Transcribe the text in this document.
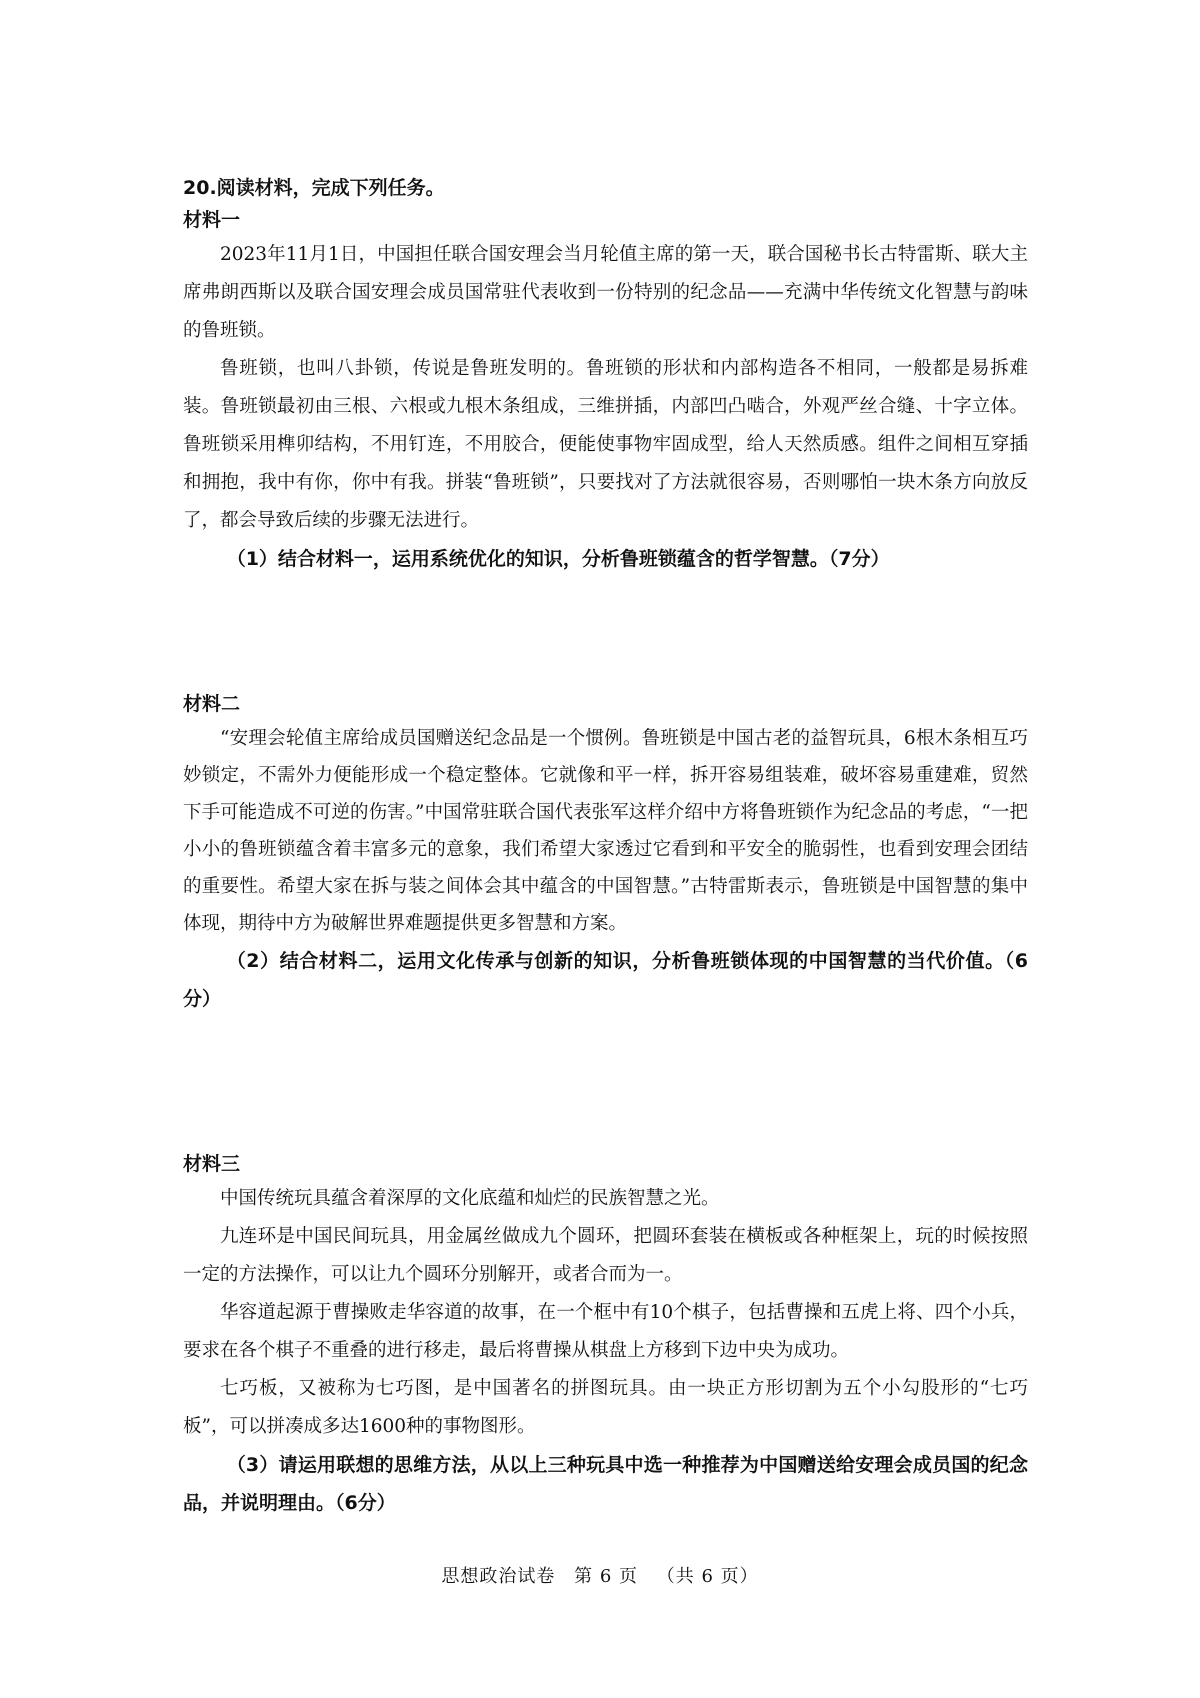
20.阅读材料，完成下列任务。

材料一

2023年11月1日，中国担任联合国安理会当月轮值主席的第一天，联合国秘书长古特雷斯、联大主席弗朗西斯以及联合国安理会成员国常驻代表收到一份特别的纪念品——充满中华传统文化智慧与韵味的鲁班锁。

鲁班锁，也叫八卦锁，传说是鲁班发明的。鲁班锁的形状和内部构造各不相同，一般都是易拆难装。鲁班锁最初由三根、六根或九根木条组成，三维拼插，内部凹凸啮合，外观严丝合缝、十字立体。鲁班锁采用榫卯结构，不用钉连，不用胶合，便能使事物牢固成型，给人天然质感。组件之间相互穿插和拥抱，我中有你，你中有我。拼装“鲁班锁”，只要找对了方法就很容易，否则哪怕一块木条方向放反了，都会导致后续的步骤无法进行。

（1）结合材料一，运用系统优化的知识，分析鲁班锁蕴含的哲学智慧。（7分）

材料二

“安理会轮值主席给成员国赠送纪念品是一个惯例。鲁班锁是中国古老的益智玩具，6根木条相互巧妙锁定，不需外力便能形成一个稳定整体。它就像和平一样，拆开容易组装难，破坏容易重建难，贸然下手可能造成不可逆的伤害。”中国常驻联合国代表张军这样介绍中方将鲁班锁作为纪念品的考虑，“一把小小的鲁班锁蕴含着丰富多元的意象，我们希望大家透过它看到和平安全的脆弱性，也看到安理会团结的重要性。希望大家在拆与装之间体会其中蕴含的中国智慧。”古特雷斯表示，鲁班锁是中国智慧的集中体现，期待中方为破解世界难题提供更多智慧和方案。

（2）结合材料二，运用文化传承与创新的知识，分析鲁班锁体现的中国智慧的当代价值。（6分）

材料三

中国传统玩具蕴含着深厚的文化底蕴和灿烂的民族智慧之光。

九连环是中国民间玩具，用金属丝做成九个圆环，把圆环套装在横板或各种框架上，玩的时候按照一定的方法操作，可以让九个圆环分别解开，或者合而为一。

华容道起源于曹操败走华容道的故事，在一个框中有10个棋子，包括曹操和五虎上将、四个小兵，要求在各个棋子不重叠的进行移走，最后将曹操从棋盘上方移到下边中央为成功。

七巧板，又被称为七巧图，是中国著名的拼图玩具。由一块正方形切割为五个小勾股形的“七巧板”，可以拼凑成多达1600种的事物图形。

（3）请运用联想的思维方法，从以上三种玩具中选一种推荐为中国赠送给安理会成员国的纪念品，并说明理由。（6分）

思想政治试卷 第 6 页 （共 6 页）
